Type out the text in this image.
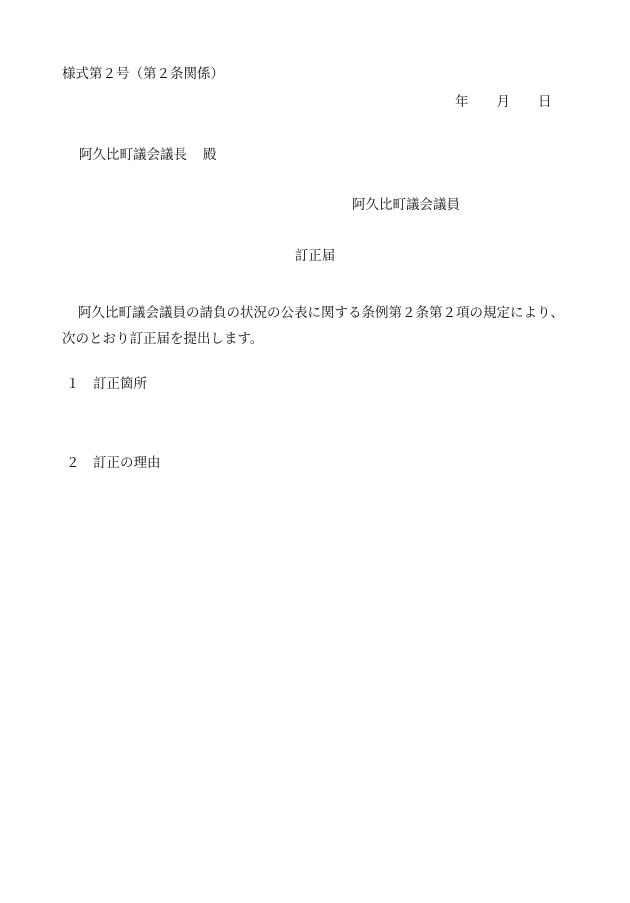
様式第２号（第２条関係）
年 月 日
阿久比町議会議長 殿
阿久比町議会議員
訂正届
阿久比町議会議員の請負の状況の公表に関する条例第２条第２項の規定により、次のとおり訂正届を提出します。
１ 訂正箇所
２ 訂正の理由
